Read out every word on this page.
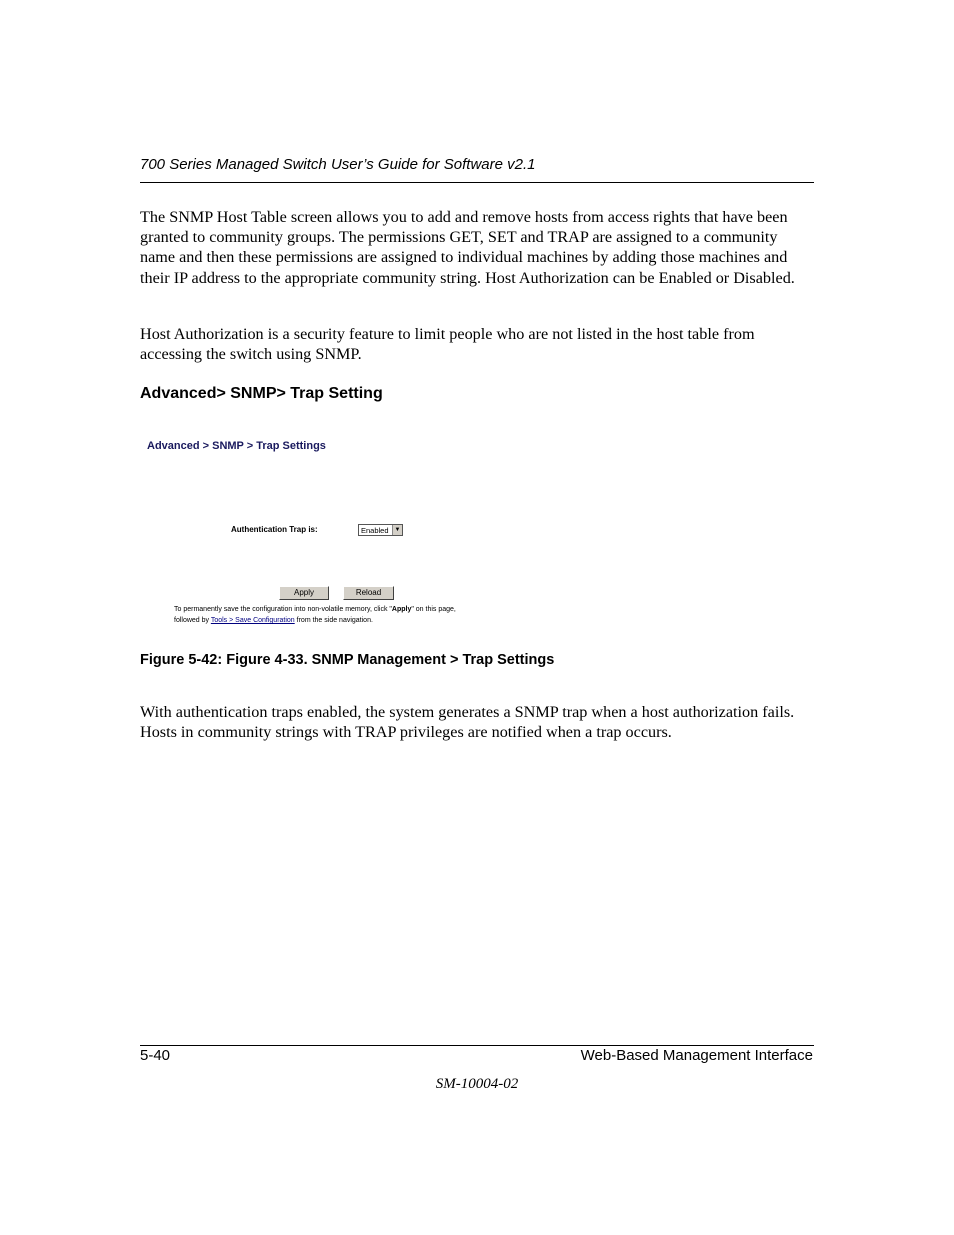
700 Series Managed Switch User’s Guide for Software v2.1

The SNMP Host Table screen allows you to add and remove hosts from access rights that have been granted to community groups. The permissions GET, SET and TRAP are assigned to a community name and then these permissions are assigned to individual machines by adding those machines and their IP address to the appropriate community string. Host Authorization can be Enabled or Disabled.

Host Authorization is a security feature to limit people who are not listed in the host table from accessing the switch using SNMP.

Advanced> SNMP> Trap Setting
Advanced > SNMP > Trap Settings
Authentication Trap is:	Enabled ▼
Apply	Reload
To permanently save the configuration into non-volatile memory, click "Apply" on this page,
followed by Tools > Save Configuration from the side navigation.
Figure 5-42: Figure 4-33. SNMP Management > Trap Settings

With authentication traps enabled, the system generates a SNMP trap when a host authorization fails. Hosts in community strings with TRAP privileges are notified when a trap occurs.

5-40	Web-Based Management Interface
SM-10004-02
